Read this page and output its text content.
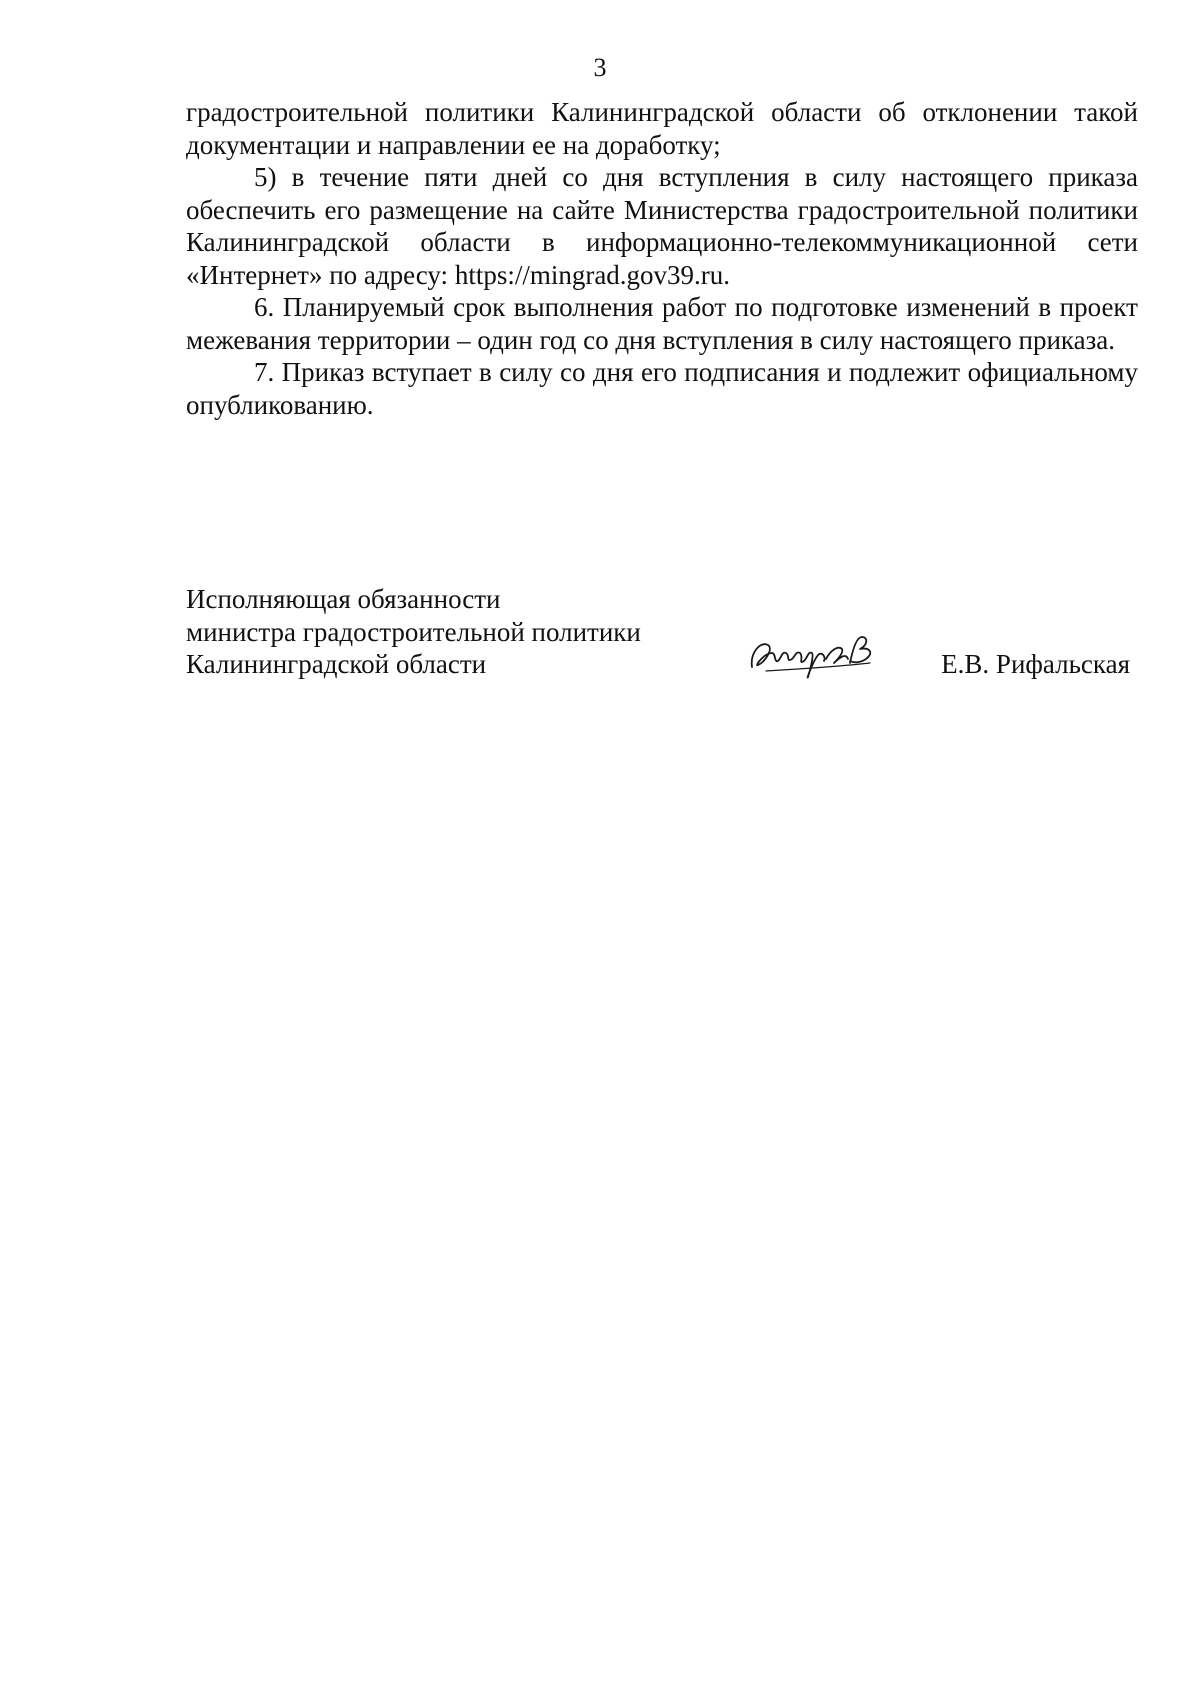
3

градостроительной политики Калининградской области об отклонении такой документации и направлении ее на доработку;

5) в течение пяти дней со дня вступления в силу настоящего приказа обеспечить его размещение на сайте Министерства градостроительной политики Калининградской области в информационно-телекоммуникационной сети «Интернет» по адресу: https://mingrad.gov39.ru.

6. Планируемый срок выполнения работ по подготовке изменений в проект межевания территории – один год со дня вступления в силу настоящего приказа.

7. Приказ вступает в силу со дня его подписания и подлежит официальному опубликованию.

Исполняющая обязанности
министра градостроительной политики
Калининградской области	Е.В. Рифальская
